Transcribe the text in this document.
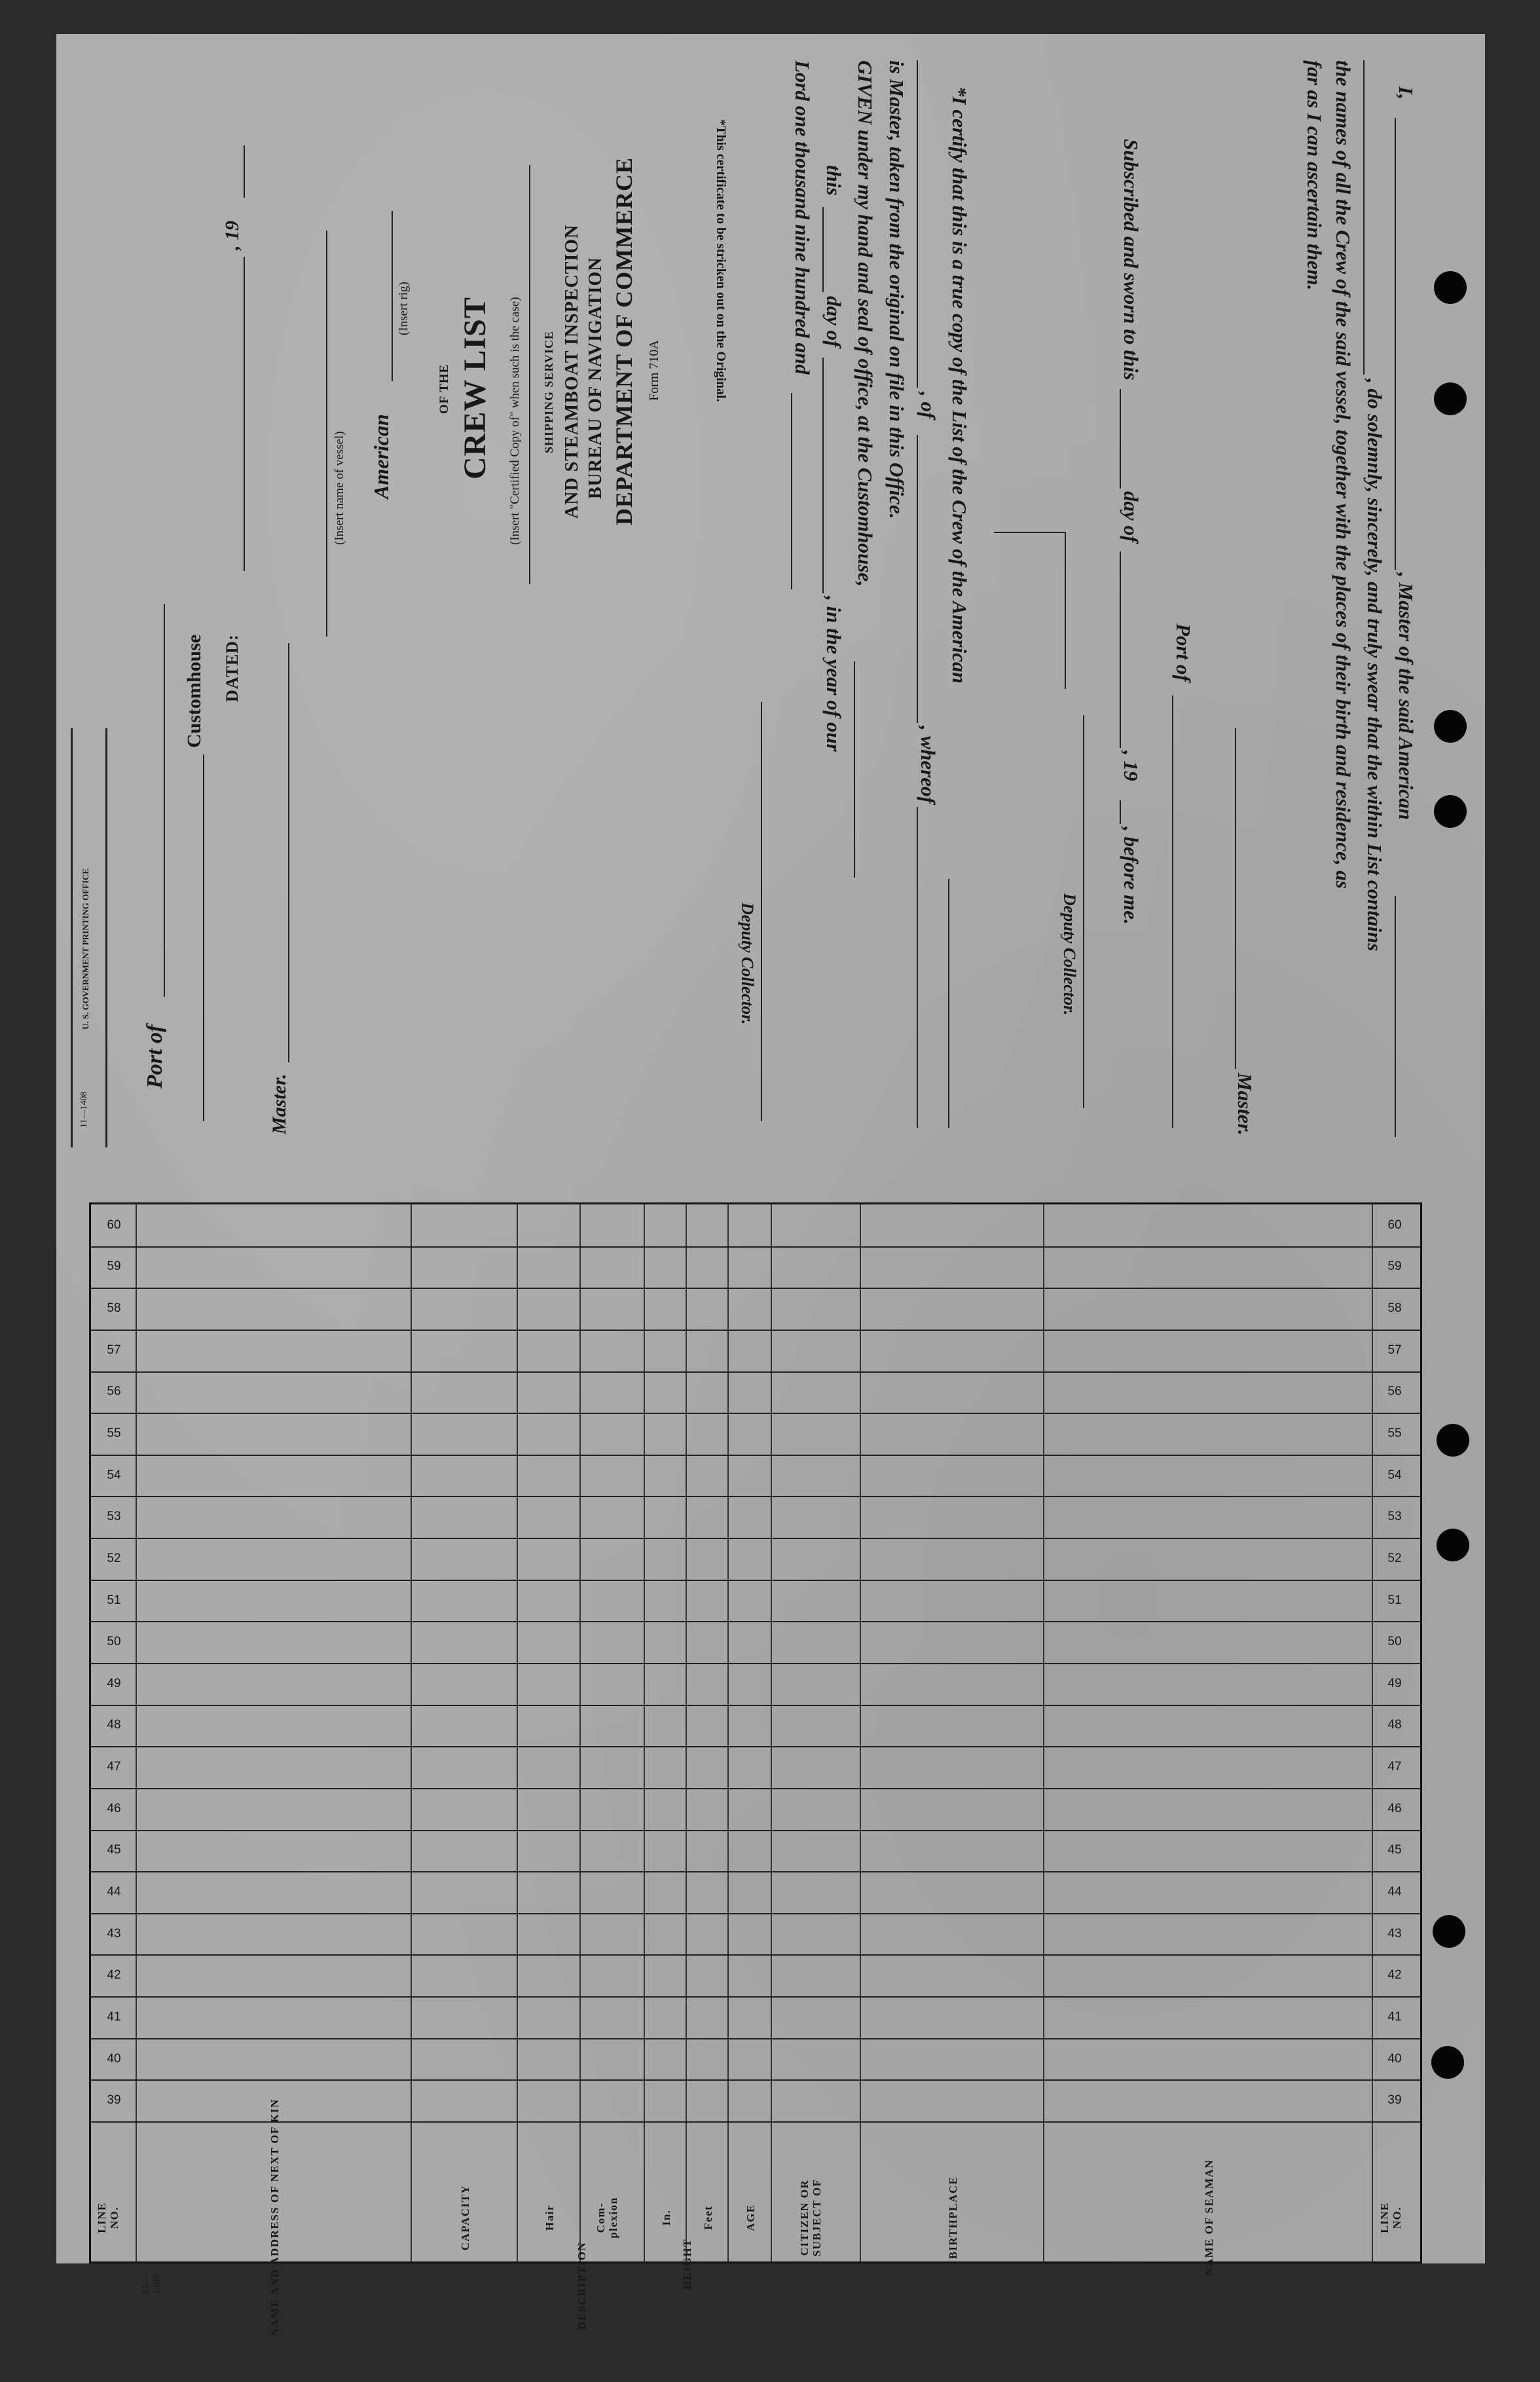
I,
, Master of the said American
, do solemnly, sincerely, and truly swear that the within List contains
the names of all the Crew of the said vessel, together with the places of their birth and residence, as
far as I can ascertain them.
Master.
Port of
Subscribed and sworn to this
day of
, 19
, before me.
Deputy Collector.
*I certify that this is a true copy of the List of the Crew of the American
, of
, whereof
is Master, taken from the original on file in this Office.
GIVEN under my hand and seal of office, at the Customhouse,
this
day of
, in the year of our
Lord one thousand nine hundred and
Deputy Collector.
*This certificate to be stricken out on the Original.
Port of
Customhouse DATED:
, 19
Master.
(Insert name of vessel) American
(Insert rig)
OF THE CREW LIST (Insert "Certified Copy of" when such is the case) SHIPPING SERVICE AND STEAMBOAT INSPECTION BUREAU OF NAVIGATION DEPARTMENT OF COMMERCE Form 710A
U. S. GOVERNMENT PRINTING OFFICE
11—1408
39
39
40
40
41
41
42
42
43
43
44
44
45
45
46
46
47
47
48
48
49
49
50
50
51
51
52
52
53
53
54
54
55
55
56
56
57
57
58
58
59
59
60
60
LINE NO.
NAME OF SEAMAN
BIRTHPLACE
CITIZEN OR SUBJECT OF
AGE
Feet
In.
Com-plexion
Hair
CAPACITY
NAME AND ADDRESS OF NEXT OF KIN
LINE NO.
HEIGHT
DESCRIPTION
11—1408
